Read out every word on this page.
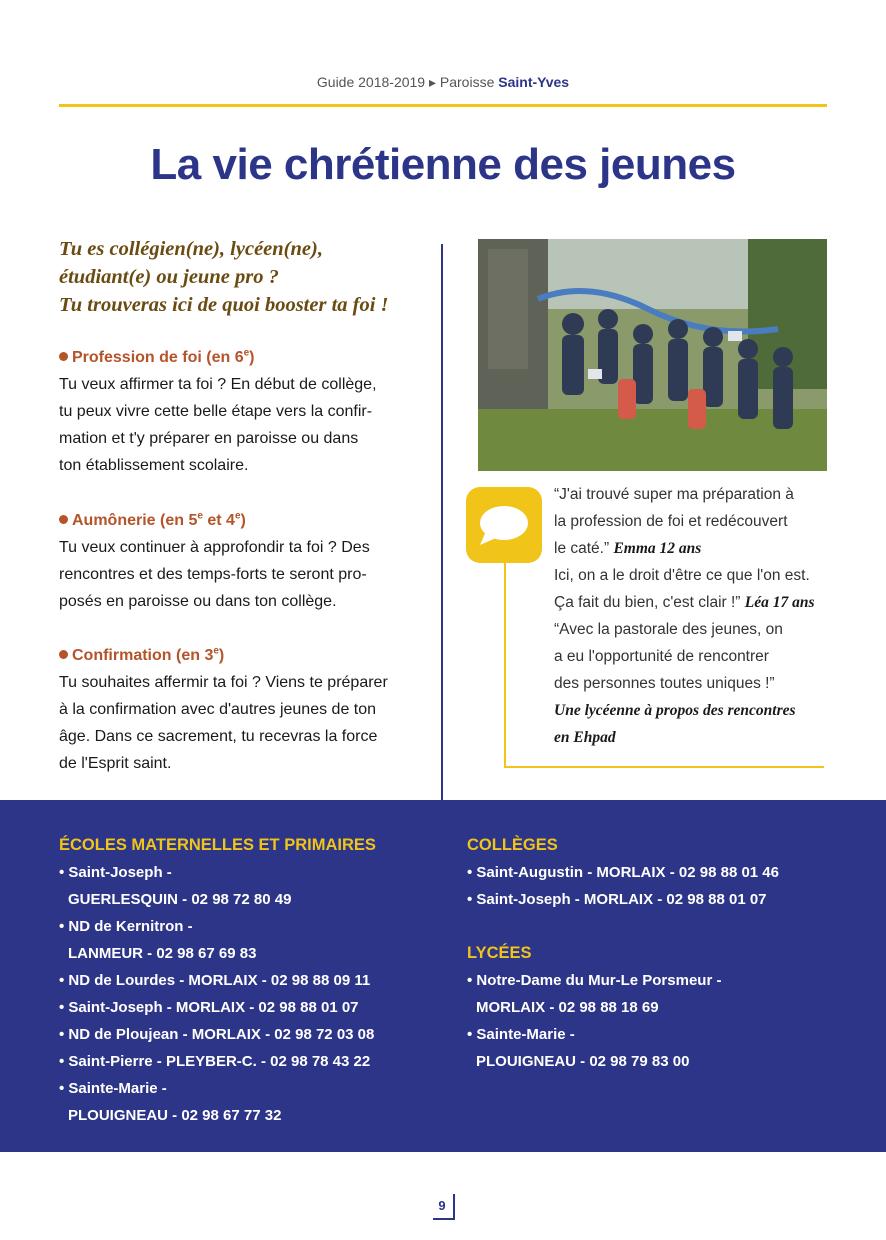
Guide 2018-2019 ▸ Paroisse Saint-Yves
La vie chrétienne des jeunes
Tu es collégien(ne), lycéen(ne),
étudiant(e) ou jeune pro ?
Tu trouveras ici de quoi booster ta foi !
Profession de foi (en 6e)
Tu veux affirmer ta foi ? En début de collège,
tu peux vivre cette belle étape vers la confir-
mation et t'y préparer en paroisse ou dans
ton établissement scolaire.
Aumônerie (en 5e et 4e)
Tu veux continuer à approfondir ta foi ? Des
rencontres et des temps-forts te seront pro-
posés en paroisse ou dans ton collège.
Confirmation (en 3e)
Tu souhaites affermir ta foi ? Viens te préparer
à la confirmation avec d'autres jeunes de ton
âge. Dans ce sacrement, tu recevras la force
de l'Esprit saint.
“J'ai trouvé super ma préparation à
la profession de foi et redécouvert
le caté.” Emma 12 ans
Ici, on a le droit d'être ce que l'on est.
Ça fait du bien, c'est clair !” Léa 17 ans
“Avec la pastorale des jeunes, on
a eu l'opportunité de rencontrer
des personnes toutes uniques !”
Une lycéenne à propos des rencontres
en Ehpad
ÉCOLES MATERNELLES ET PRIMAIRES
• Saint-Joseph -
GUERLESQUIN - 02 98 72 80 49
• ND de Kernitron -
LANMEUR - 02 98 67 69 83
• ND de Lourdes - MORLAIX - 02 98 88 09 11
• Saint-Joseph - MORLAIX - 02 98 88 01 07
• ND de Ploujean - MORLAIX - 02 98 72 03 08
• Saint-Pierre - PLEYBER-C. - 02 98 78 43 22
• Sainte-Marie -
PLOUIGNEAU - 02 98 67 77 32
COLLÈGES
• Saint-Augustin - MORLAIX - 02 98 88 01 46
• Saint-Joseph - MORLAIX - 02 98 88 01 07
LYCÉES
• Notre-Dame du Mur-Le Porsmeur -
MORLAIX - 02 98 88 18 69
• Sainte-Marie -
PLOUIGNEAU - 02 98 79 83 00
9
